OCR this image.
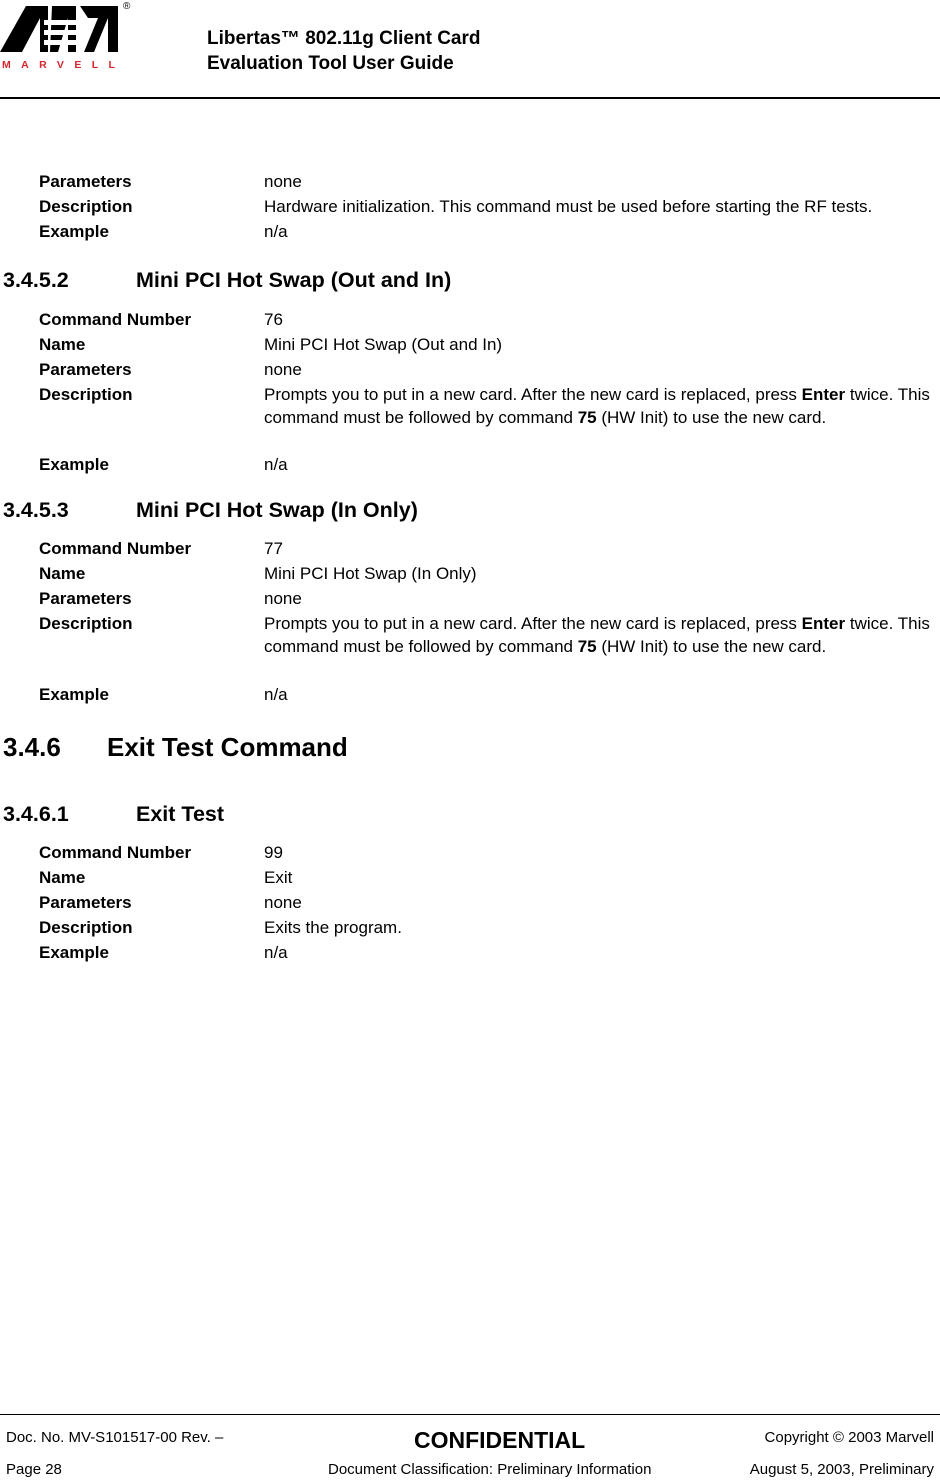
MARVELL
®
Libertas™ 802.11g Client Card
Evaluation Tool User Guide
Parameters	none
Description	Hardware initialization. This command must be used before starting the RF tests.
Example	n/a
3.4.5.2	Mini PCI Hot Swap (Out and In)
Command Number	76
Name	Mini PCI Hot Swap (Out and In)
Parameters	none
Description	Prompts you to put in a new card. After the new card is replaced, press Enter twice. This command must be followed by command 75 (HW Init) to use the new card.
Example	n/a
3.4.5.3	Mini PCI Hot Swap (In Only)
Command Number	77
Name	Mini PCI Hot Swap (In Only)
Parameters	none
Description	Prompts you to put in a new card. After the new card is replaced, press Enter twice. This command must be followed by command 75 (HW Init) to use the new card.
Example	n/a
3.4.6 Exit Test Command
3.4.6.1	Exit Test
Command Number	99
Name	Exit
Parameters	none
Description	Exits the program.
Example	n/a
Doc. No. MV-S101517-00 Rev. –	CONFIDENTIAL	Copyright © 2003 Marvell
Page 28	Document Classification: Preliminary Information	August 5, 2003, Preliminary
